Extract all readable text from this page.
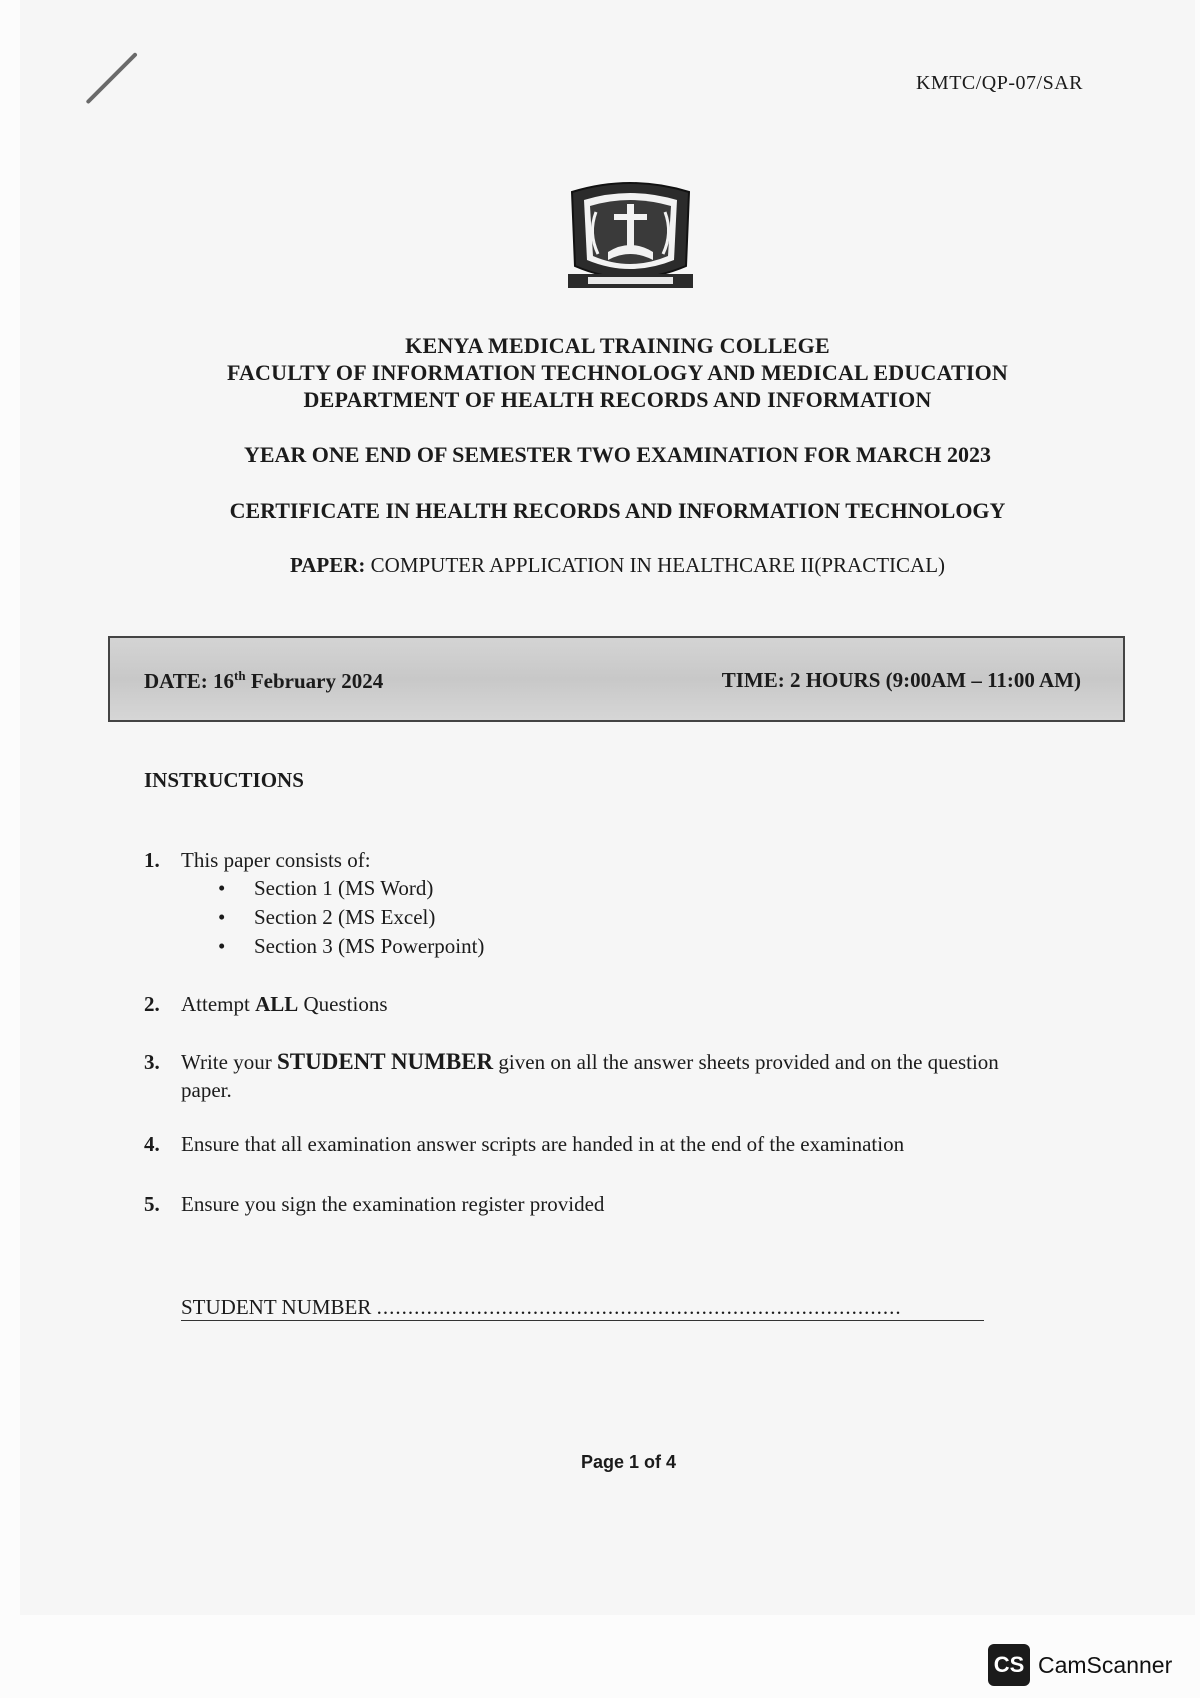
KMTC/QP-07/SAR
KENYA MEDICAL TRAINING COLLEGE
FACULTY OF INFORMATION TECHNOLOGY AND MEDICAL EDUCATION
DEPARTMENT OF HEALTH RECORDS AND INFORMATION
YEAR ONE END OF SEMESTER TWO EXAMINATION FOR MARCH 2023
CERTIFICATE IN HEALTH RECORDS AND INFORMATION TECHNOLOGY
PAPER: COMPUTER APPLICATION IN HEALTHCARE II(PRACTICAL)
DATE: 16th February 2024	TIME: 2 HOURS (9:00AM – 11:00 AM)
INSTRUCTIONS
1. This paper consists of:
• Section 1 (MS Word)
• Section 2 (MS Excel)
• Section 3 (MS Powerpoint)
2. Attempt ALL Questions
3. Write your STUDENT NUMBER given on all the answer sheets provided and on the question
paper.
4. Ensure that all examination answer scripts are handed in at the end of the examination
5. Ensure you sign the examination register provided
STUDENT NUMBER ....................................................................................
Page 1 of 4
CS CamScanner
